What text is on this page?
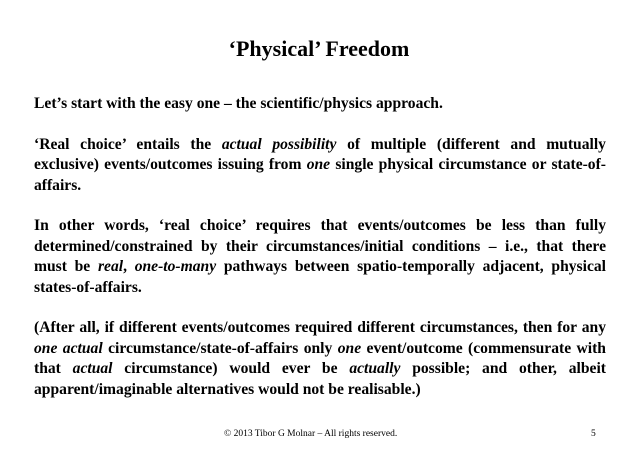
‘Physical’ Freedom

Let’s start with the easy one – the scientific/physics approach.

‘Real choice’ entails the actual possibility of multiple (different and mutually exclusive) events/outcomes issuing from one single physical circumstance or state-of-affairs.

In other words, ‘real choice’ requires that events/outcomes be less than fully determined/constrained by their circumstances/initial conditions – i.e., that there must be real, one-to-many pathways between spatio-temporally adjacent, physical states-of-affairs.

(After all, if different events/outcomes required different circumstances, then for any one actual circumstance/state-of-affairs only one event/outcome (commensurate with that actual circumstance) would ever be actually possible; and other, albeit apparent/imaginable alternatives would not be realisable.)

© 2013 Tibor G Molnar – All rights reserved.	5
